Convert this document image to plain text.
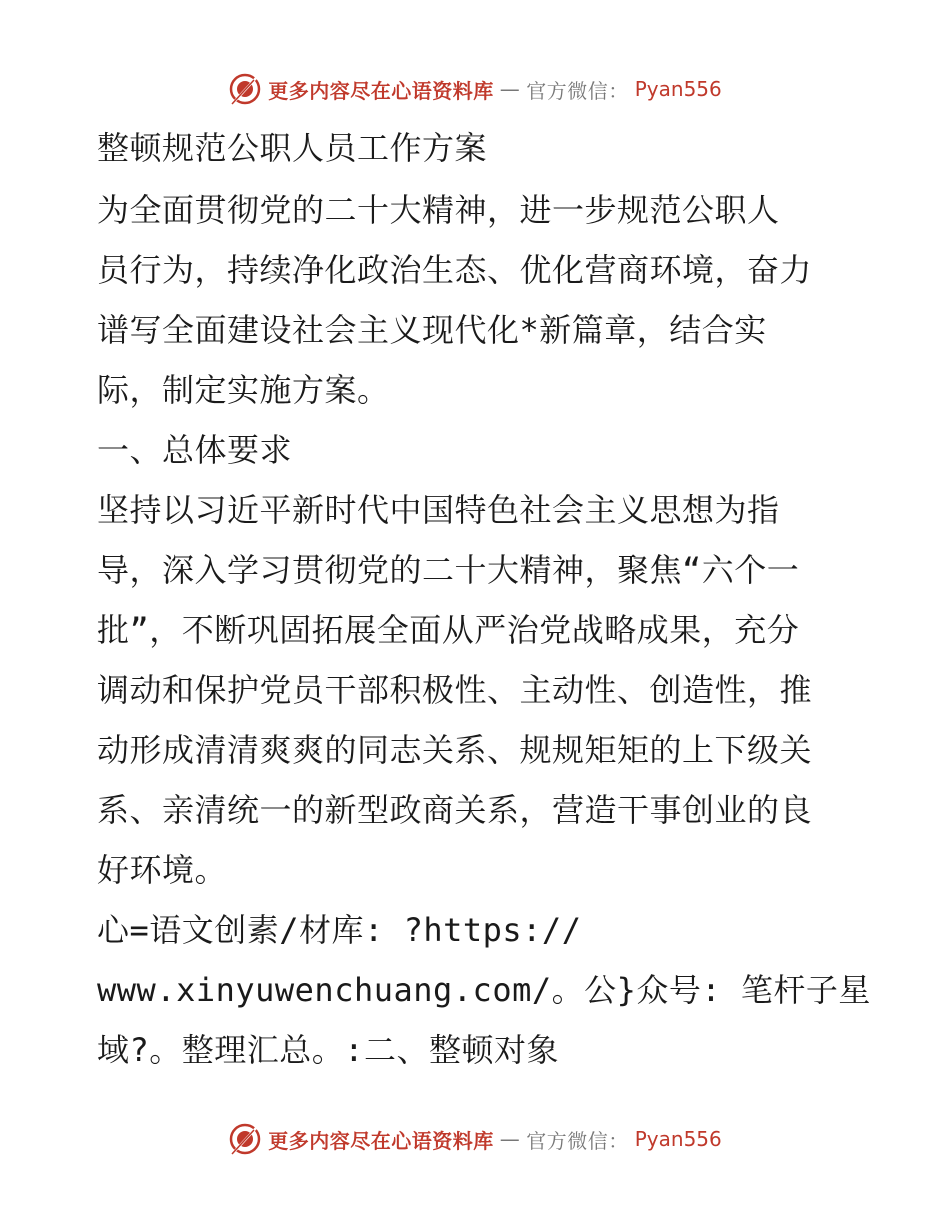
更多内容尽在心语资料库 — 官方微信： Pyan556
整顿规范公职人员工作方案
为全面贯彻党的二十大精神，进一步规范公职人
员行为，持续净化政治生态、优化营商环境，奋力
谱写全面建设社会主义现代化*新篇章，结合实
际，制定实施方案。
一、总体要求
坚持以习近平新时代中国特色社会主义思想为指
导，深入学习贯彻党的二十大精神，聚焦“六个一
批”，不断巩固拓展全面从严治党战略成果，充分
调动和保护党员干部积极性、主动性、创造性，推
动形成清清爽爽的同志关系、规规矩矩的上下级关
系、亲清统一的新型政商关系，营造干事创业的良
好环境。
心=语文创素/材库: ?https://
www.xinyuwenchuang.com/。公}众号: 笔杆子星
域?。整理汇总。:二、整顿对象
更多内容尽在心语资料库 — 官方微信： Pyan556
